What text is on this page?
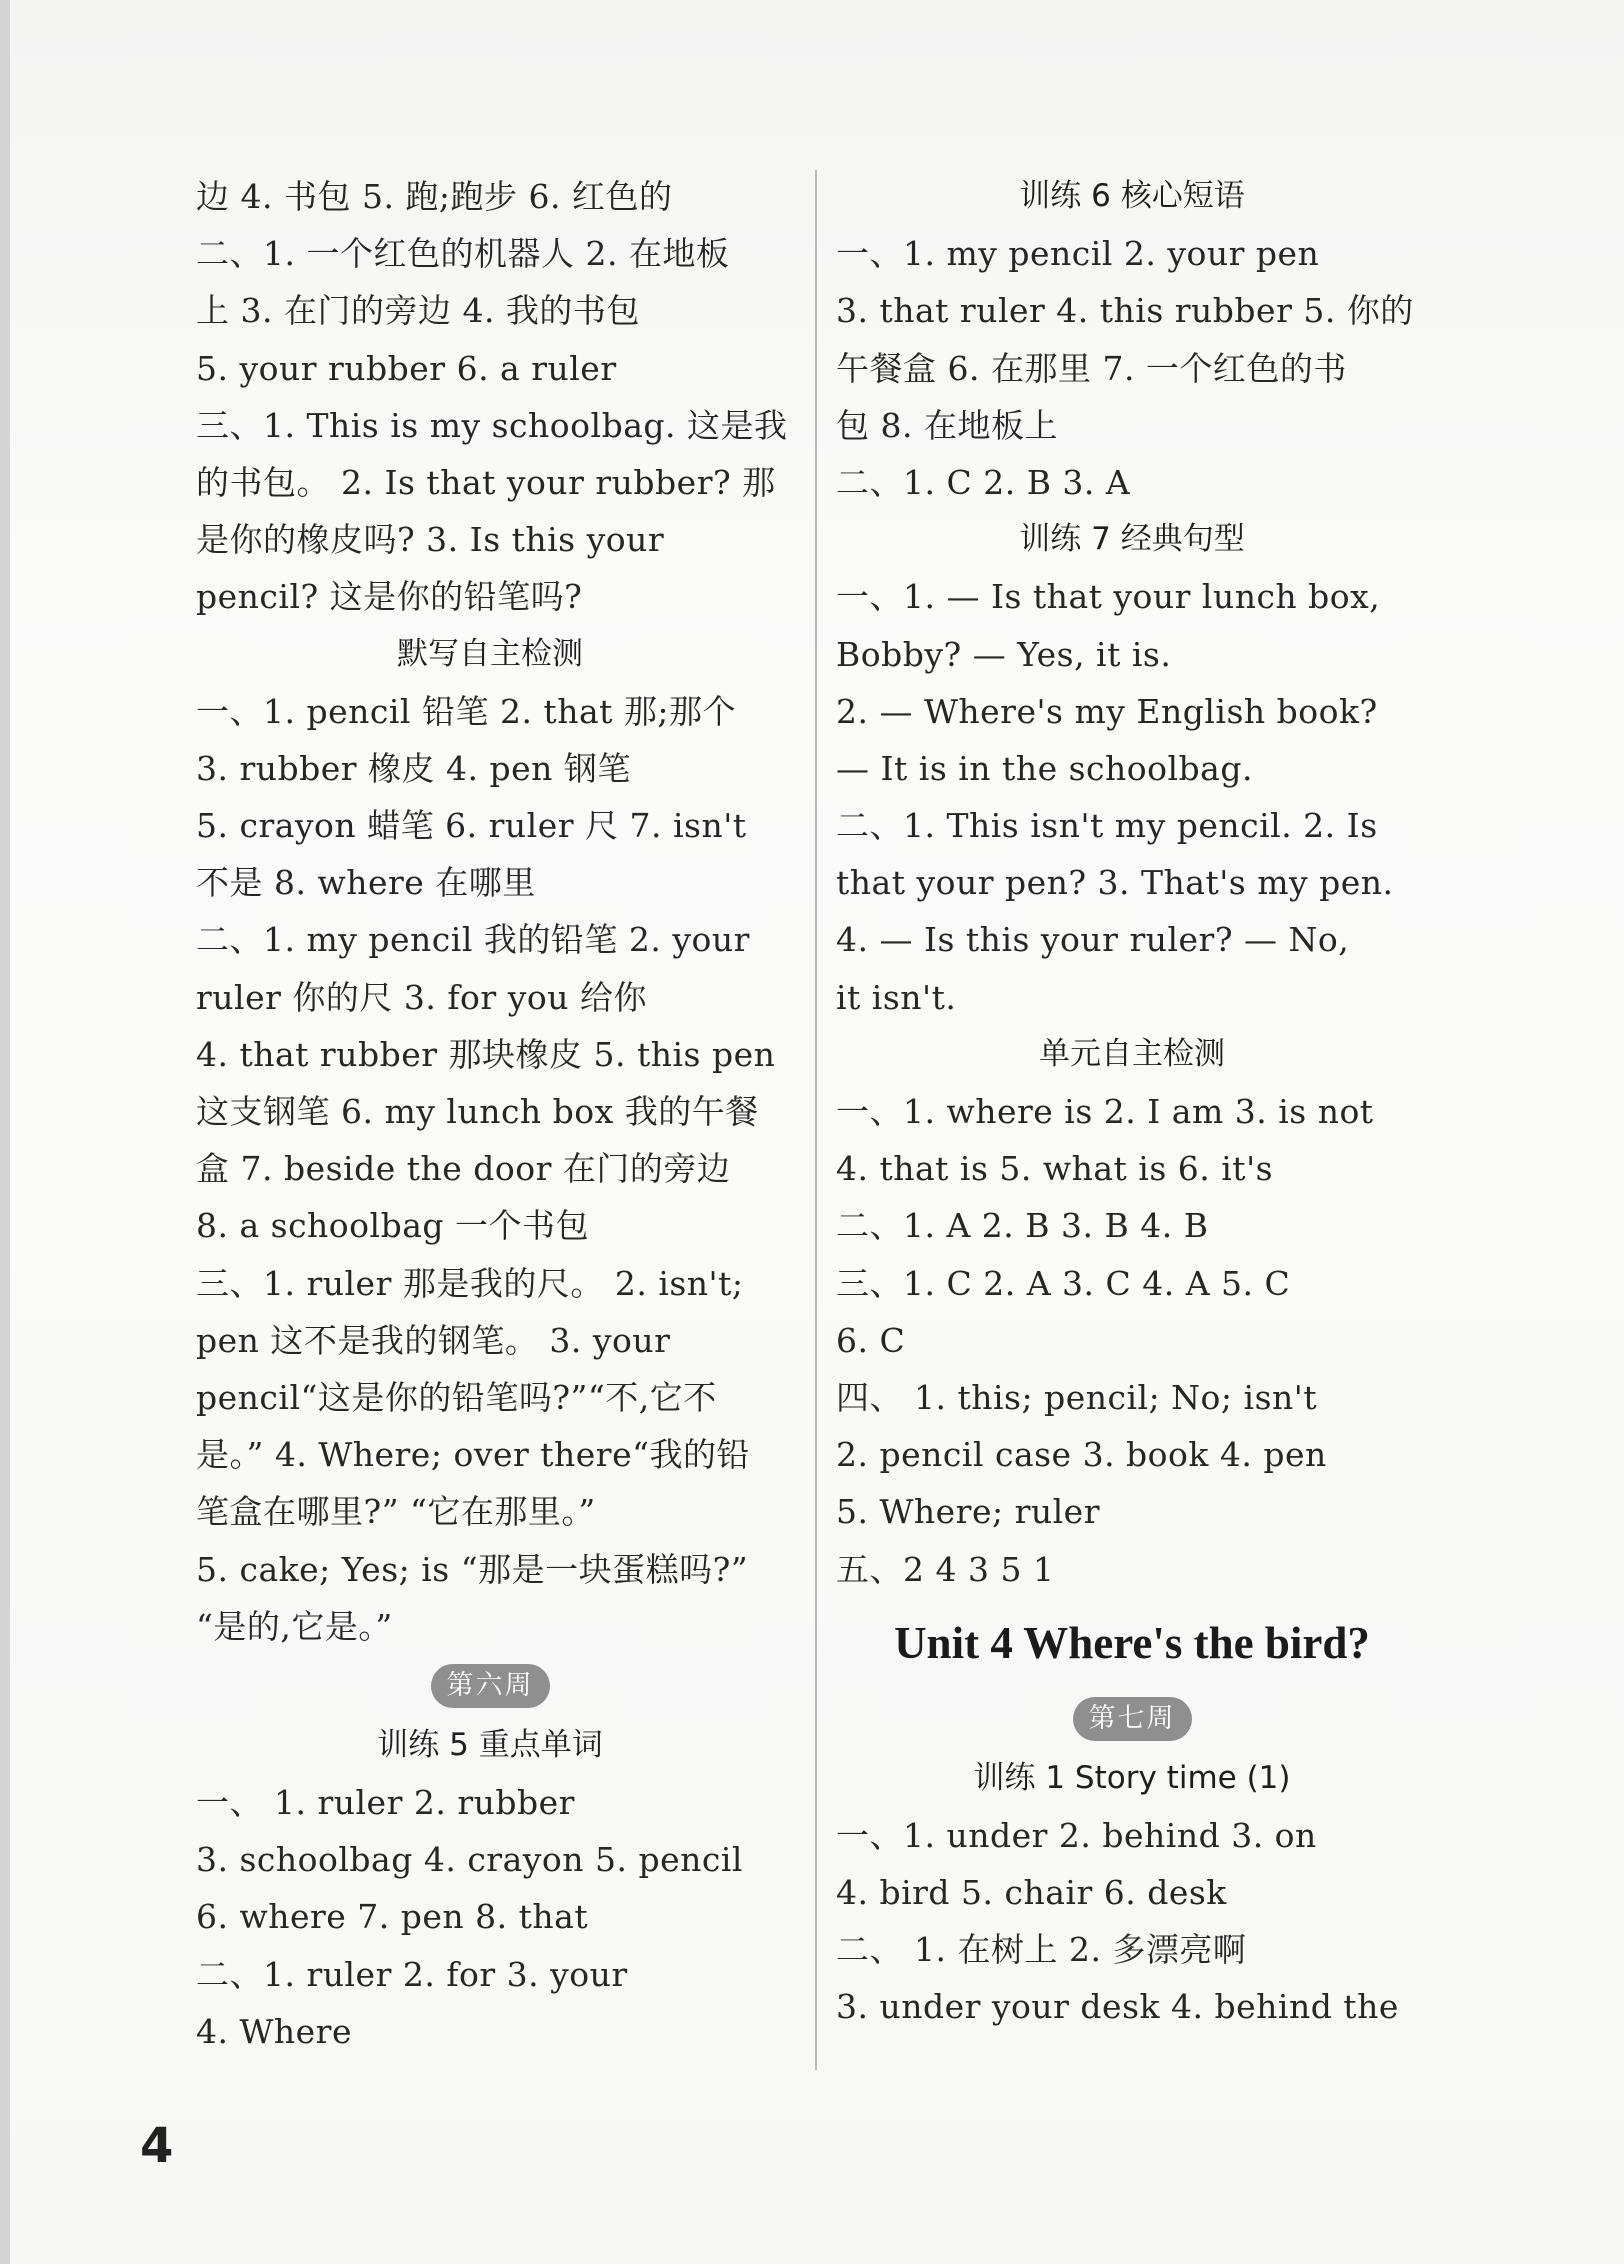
边 4. 书包 5. 跑;跑步 6. 红色的
二、1. 一个红色的机器人 2. 在地板
上 3. 在门的旁边 4. 我的书包
5. your rubber 6. a ruler
三、1. This is my schoolbag. 这是我
的书包。 2. Is that your rubber? 那
是你的橡皮吗? 3. Is this your
pencil? 这是你的铅笔吗?
默写自主检测
一、1. pencil 铅笔 2. that 那;那个
3. rubber 橡皮 4. pen 钢笔
5. crayon 蜡笔 6. ruler 尺 7. isn't
不是 8. where 在哪里
二、1. my pencil 我的铅笔 2. your
ruler 你的尺 3. for you 给你
4. that rubber 那块橡皮 5. this pen
这支钢笔 6. my lunch box 我的午餐
盒 7. beside the door 在门的旁边
8. a schoolbag 一个书包
三、1. ruler 那是我的尺。 2. isn't;
pen 这不是我的钢笔。 3. your
pencil“这是你的铅笔吗?”“不,它不
是。” 4. Where; over there“我的铅
笔盒在哪里?” “它在那里。”
5. cake; Yes; is “那是一块蛋糕吗?”
“是的,它是。”
第六周
训练 5 重点单词
一、 1. ruler 2. rubber
3. schoolbag 4. crayon 5. pencil
6. where 7. pen 8. that
二、1. ruler 2. for 3. your
4. Where
训练 6 核心短语
一、1. my pencil 2. your pen
3. that ruler 4. this rubber 5. 你的
午餐盒 6. 在那里 7. 一个红色的书
包 8. 在地板上
二、1. C 2. B 3. A
训练 7 经典句型
一、1. — Is that your lunch box,
Bobby? — Yes, it is.
2. — Where's my English book?
— It is in the schoolbag.
二、1. This isn't my pencil. 2. Is
that your pen? 3. That's my pen.
4. — Is this your ruler? — No,
it isn't.
单元自主检测
一、1. where is 2. I am 3. is not
4. that is 5. what is 6. it's
二、1. A 2. B 3. B 4. B
三、1. C 2. A 3. C 4. A 5. C
6. C
四、 1. this; pencil; No; isn't
2. pencil case 3. book 4. pen
5. Where; ruler
五、2 4 3 5 1
Unit 4 Where's the bird?
第七周
训练 1 Story time (1)
一、1. under 2. behind 3. on
4. bird 5. chair 6. desk
二、 1. 在树上 2. 多漂亮啊
3. under your desk 4. behind the
4
